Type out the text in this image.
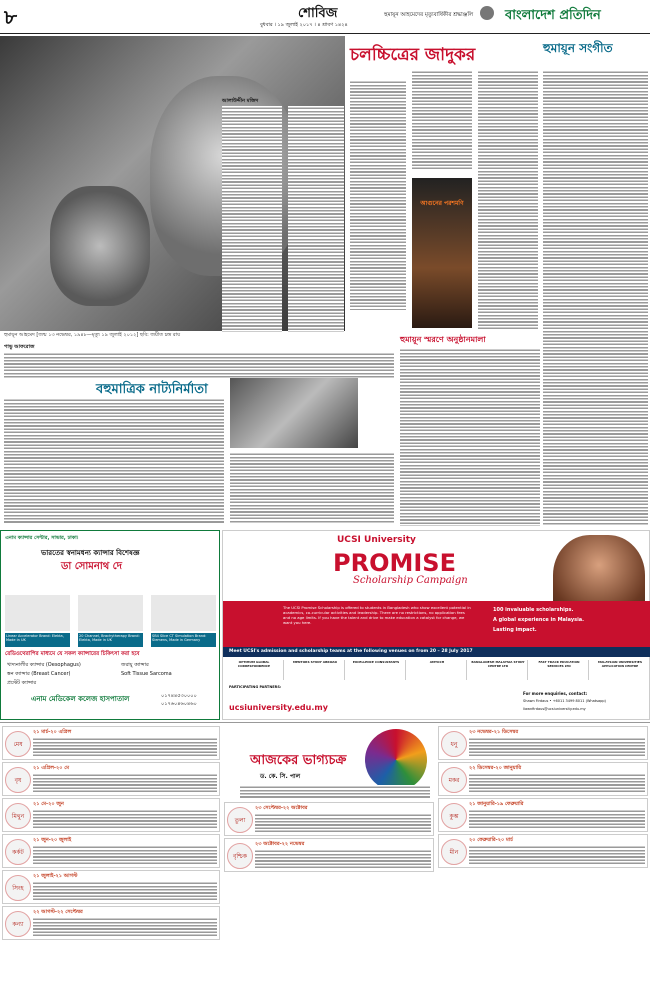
৮	শোবিজ
বুধবার । ১৯ জুলাই ২০১৭ । ৪ শ্রাবণ ১৪২৪
হুমায়ূন আহমেদের মৃত্যুবার্ষিকীর শ্রদ্ধাঞ্জলি বাংলাদেশ প্রতিদিন
হুমায়ূন আহমেদ [জন্ম ১৩ নভেম্বর, ১৯৪৮—মৃত্যু ১৯ জুলাই ২০১২] ছবি: জয়ীত চন্দ্র রায়
চলচ্চিত্রের জাদুকর
আলাউদ্দীন মজিদ
আগুনের পরশমণি
হুমায়ূন সংগীত
হুমায়ূন স্মরণে অনুষ্ঠানমালা
পাভু আফরোজ
বহুমাত্রিক নাট্যনির্মাতা
এনাম ক্যান্সার সেন্টার, সাভার, ঢাকা।
ভারতের স্বনামধন্য ক্যান্সার বিশেষজ্ঞ
ডা সোমনাথ দে
Linear Accelerator Brand: Elekta, Made in UK
20 Channel, Brachytherapy Brand: Elekta, Made in UK
SB4 Slice CT Simulation Brand: Siemens, Made in Germany
রেডিওথেরাপির মাধ্যমে যে সকল ক্যান্সারের চিকিৎসা করা হবে
খাদ্যনালীর ক্যান্সার (Oesophagus)	জরায়ু ক্যান্সার
স্তন ক্যান্সার (Breast Cancer)	Soft Tissue Sarcoma
প্রস্টেট ক্যান্সার
এনাম মেডিকেল কলেজ হাসপাতাল	০১৭৪৪৫৩০০০০
০১৭৬০৪৬০৪৬০
UCSI University
PROMISE
Scholarship Campaign
The UCSI Promise Scholarship is offered to students in Bangladesh who show excellent potential in academics, co-curricular activities and leadership. There are no restrictions, no application fees and no age limits. If you have the talent and drive to make education a catalyst for change, we want you here.
100 invaluable scholarships.
A global experience in Malaysia.
Lasting impact.
Meet UCSI's admission and scholarship teams at the following venues on from 20 – 28 July 2017
OPTIMUM GLOBAL CORRESPONDENCE
MENTORS STUDY ABROAD	EXCELLENCE CONSULTANTS	AMTOCH	BANGLADESH MALAYSIA STUDY CENTRE LTD
FAST TRACK EDUCATION SERVICES LTD
MALAYSIAN UNIVERSITIES APPLICATION CENTRE
PARTICIPATING PARTNERS:
ucsiuniversity.edu.my
For more enquiries, contact:
Shawn Firdaus • +6011 3499 8011 (Whatsapp)
liawnfirdaus@ucsiuniversity.edu.my
আজকের ভাগ্যচক্র
ড. কে. সি. পাল
২১ মার্চ-২০ এপ্রিল
মেষ
২১ এপ্রিল-২০ মে
বৃষ
২১ মে-২০ জুন
মিথুন
২১ জুন-২০ জুলাই
কর্কট
২১ জুলাই-২১ আগস্ট
সিংহ
২২ আগস্ট-২২ সেপ্টেম্বর
কন্যা
২৩ সেপ্টেম্বর-২২ অক্টোবর
তুলা
২৩ অক্টোবর-২২ নভেম্বর
বৃশ্চিক
২৩ নভেম্বর-২১ ডিসেম্বর
ধনু
২২ ডিসেম্বর-২০ জানুয়ারি
মকর
২১ জানুয়ারি-১৯ ফেব্রুয়ারি
কুম্ভ
২০ ফেব্রুয়ারি-২০ মার্চ
মীন
